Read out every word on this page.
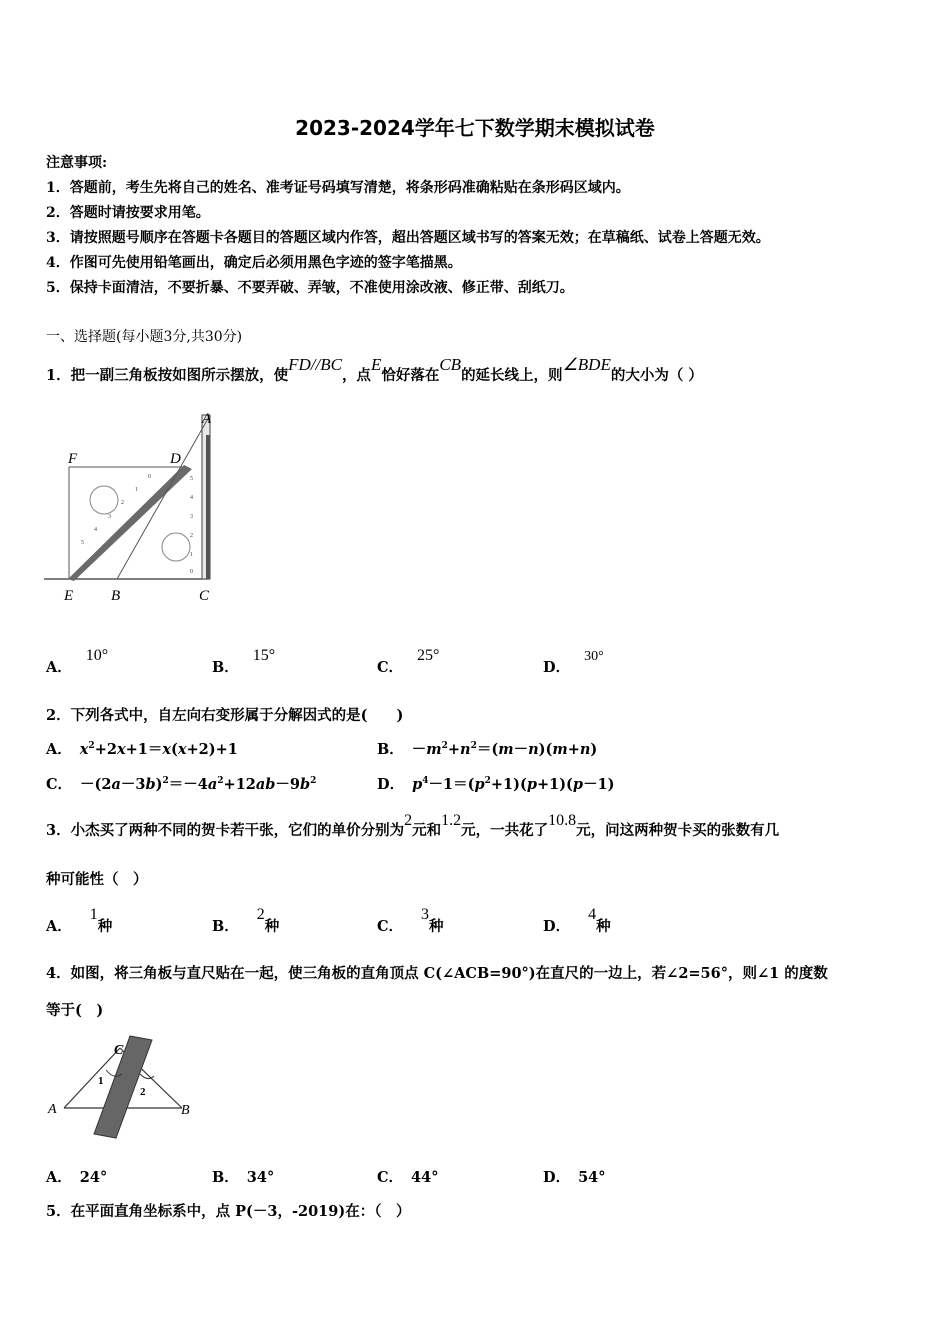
2023-2024学年七下数学期末模拟试卷
注意事项:
1．答题前，考生先将自己的姓名、准考证号码填写清楚，将条形码准确粘贴在条形码区域内。
2．答题时请按要求用笔。
3．请按照题号顺序在答题卡各题目的答题区域内作答，超出答题区域书写的答案无效；在草稿纸、试卷上答题无效。
4．作图可先使用铅笔画出，确定后必须用黑色字迹的签字笔描黑。
5．保持卡面清洁，不要折暴、不要弄破、弄皱，不准使用涂改液、修正带、刮纸刀。
一、选择题(每小题3分,共30分)
1．把一副三角板按如图所示摆放，使FD//BC，点E恰好落在CB的延长线上，则∠BDE的大小为（ ）
0
1
2
3
4
5
5
4
3
2
1
0
A
F	D
E	B	C
A．10°
B．15°
C．25°
D．30°
2．下列各式中，自左向右变形属于分解因式的是(　　)
A． $x^2+2x+1=x(x+2)+1$	B． $-m^2+n^2=(m-n)(m+n)$
C． $-(2a-3b)^2=-4a^2+12ab-9b^2$	D． $p^4-1=(p^2+1)(p+1)(p-1)$
3．小杰买了两种不同的贺卡若干张，它们的单价分别为2元和1.2元，一共花了10.8元，问这两种贺卡买的张数有几
种可能性（　）
A．1种	B．2种	C．3种	D．4种
4．如图，将三角板与直尺贴在一起，使三角板的直角顶点 C(∠ACB=90°)在直尺的一边上，若∠2=56°，则∠1 的度数
等于(　)
C
A	B
1
2
A． 24°	B． 34°	C． 44°	D． 54°
5．在平面直角坐标系中，点 P(－3，-2019)在：（　）
